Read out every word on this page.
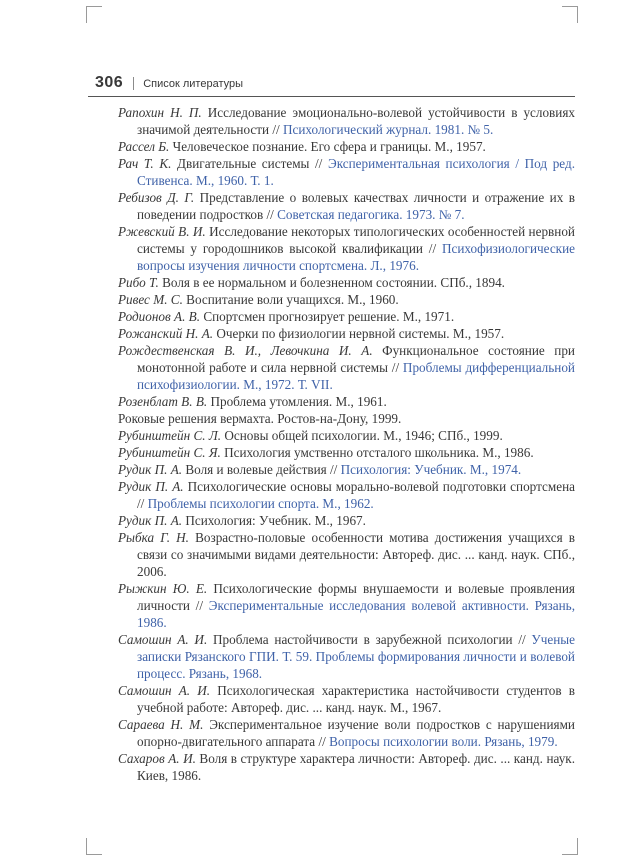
306 Список литературы

Рапохин Н. П. Исследование эмоционально-волевой устойчивости в условиях значимой деятельности // Психологический журнал. 1981. № 5.

Рассел Б. Человеческое познание. Его сфера и границы. М., 1957.

Рач Т. К. Двигательные системы // Экспериментальная психология / Под ред. Стивенса. М., 1960. Т. 1.

Ребизов Д. Г. Представление о волевых качествах личности и отражение их в поведении подростков // Советская педагогика. 1973. № 7.

Ржевский В. И. Исследование некоторых типологических особенностей нервной системы у городошников высокой квалификации // Психофизиологические вопросы изучения личности спортсмена. Л., 1976.

Рибо Т. Воля в ее нормальном и болезненном состоянии. СПб., 1894.

Ривес М. С. Воспитание воли учащихся. М., 1960.

Родионов А. В. Спортсмен прогнозирует решение. М., 1971.

Рожанский Н. А. Очерки по физиологии нервной системы. М., 1957.

Рождественская В. И., Левочкина И. А. Функциональное состояние при монотонной работе и сила нервной системы // Проблемы дифференциальной психофизиологии. М., 1972. Т. VII.

Розенблат В. В. Проблема утомления. М., 1961.

Роковые решения вермахта. Ростов-на-Дону, 1999.

Рубинштейн С. Л. Основы общей психологии. М., 1946; СПб., 1999.

Рубинштейн С. Я. Психология умственно отсталого школьника. М., 1986.

Рудик П. А. Воля и волевые действия // Психология: Учебник. М., 1974.

Рудик П. А. Психологические основы морально-волевой подготовки спортсмена // Проблемы психологии спорта. М., 1962.

Рудик П. А. Психология: Учебник. М., 1967.

Рыбка Г. Н. Возрастно-половые особенности мотива достижения учащихся в связи со значимыми видами деятельности: Автореф. дис. ... канд. наук. СПб., 2006.

Рыжкин Ю. Е. Психологические формы внушаемости и волевые проявления личности // Экспериментальные исследования волевой активности. Рязань, 1986.

Самошин А. И. Проблема настойчивости в зарубежной психологии // Ученые записки Рязанского ГПИ. Т. 59. Проблемы формирования личности и волевой процесс. Рязань, 1968.

Самошин А. И. Психологическая характеристика настойчивости студентов в учебной работе: Автореф. дис. ... канд. наук. М., 1967.

Сараева Н. М. Экспериментальное изучение воли подростков с нарушениями опорно-двигательного аппарата // Вопросы психологии воли. Рязань, 1979.

Сахаров А. И. Воля в структуре характера личности: Автореф. дис. ... канд. наук. Киев, 1986.
